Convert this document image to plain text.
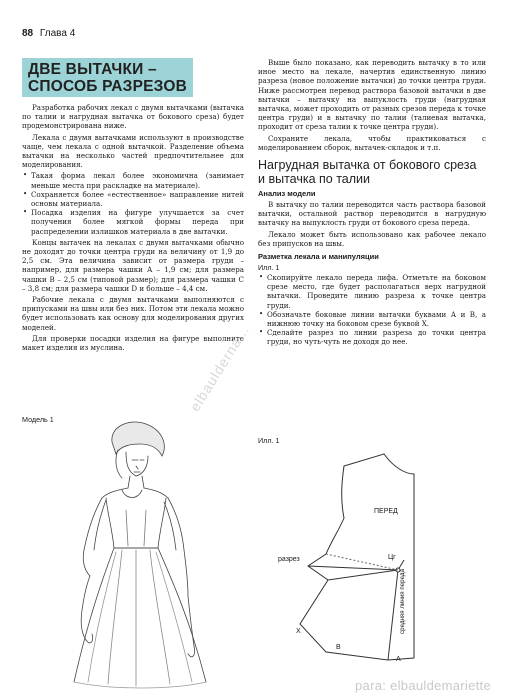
88 Глава 4
ДВЕ ВЫТАЧКИ –
СПОСОБ РАЗРЕЗОВ

Разработка рабочих лекал с двумя вытачками (вытачка по талии и нагрудная вытачка от бокового среза) будет продемонстрирована ниже.

Лекала с двумя вытачками используют в производстве чаще, чем лекала с одной вытачкой. Разделение объема вытачки на несколько частей предпочтительнее для моделирования.

• Такая форма лекал более экономична (занимает меньше места при раскладке на материале).
• Сохраняется более «естественное» направление нитей основы материала.
• Посадка изделия на фигуре улучшается за счет получения более мягкой формы переда при распределении излишков материала в две вытачки.

Концы вытачек на лекалах с двумя вытачками обычно не доходят до точки центра груди на величину от 1,9 до 2,5 см. Эта величина зависит от размера груди – например, для размера чашки А – 1,9 см; для размера чашки В – 2,5 см (типовой размер); для размера чашки С – 3,8 см; для размера чашки D и больше – 4,4 см.

Рабочие лекала с двумя вытачками выполняются с припусками на швы или без них. Потом эти лекала можно будет использовать как основу для моделирования других моделей.

Для проверки посадки изделия на фигуре выполните макет изделия из муслина.

Модель 1
elbaulderna...

Выше было показано, как переводить вытачку в то или иное место на лекале, начертив единственную линию разреза (новое положение вытачки) до точки центра груди. Ниже рассмотрен перевод раствора базовой вытачки в две вытачки – вытачку на выпуклость груди (нагрудная вытачка, может проходить от разных срезов переда к точке центра груди) и в вытачку по талии (талиевая вытачка, проходит от среза талии к точке центра груди).

Сохраните лекала, чтобы практиковаться с моделированием сборок, вытачек-складок и т.п.

Нагрудная вытачка от бокового среза и вытачка по талии
Анализ модели

В вытачку по талии переводится часть раствора базовой вытачки, остальной раствор переводится в нагрудную вытачку на выпуклость груди от бокового среза переда.

Лекало может быть использовано как рабочее лекало без припусков на швы.

Разметка лекала и манипуляции
Илл. 1
• Скопируйте лекало переда лифа. Отметьте на боковом срезе место, где будет располагаться верх нагрудной вытачки. Проведите линию разреза к точке центра груди.
• Обозначьте боковые линии вытачки буквами А и В, а нижнюю точку на боковом срезе буквой Х.
• Сделайте разрез по линии разреза до точки центра груди, но чуть-чуть не доходя до нее.
Илл. 1
ПЕРЕД
разрез	Цг
средняя линия переда
X
B
A
para: elbauldemariette
